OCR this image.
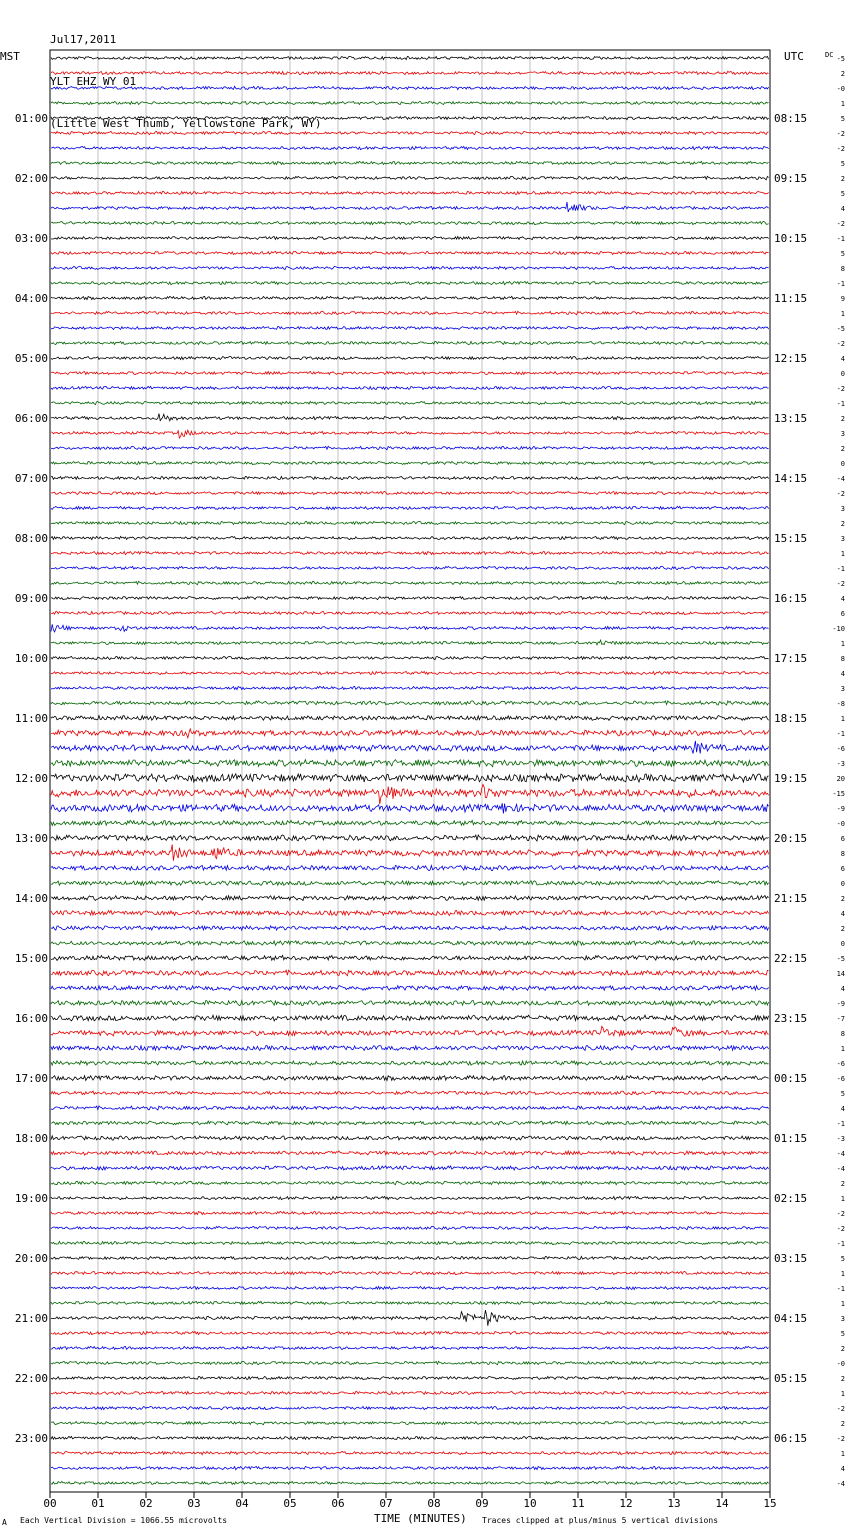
Jul17,2011

YLT EHZ WY 01

(Little West Thumb, Yellowstone Park, WY)

00	01	02	03	04	05	06	07	08	09	10	11	12	13	14	15
MST	UTC	DC -5
2
-0
1
5
01:00	08:15
-2
-2
5
2
02:00	09:15
5
4
-2
-1
03:00	10:15
5
8
-1
9
04:00	11:15
1
-5
-2
4
05:00	12:15
0
-2
-1
2
06:00	13:15
3
2
0
-4
07:00	14:15
-2
3
2
3
08:00	15:15
1
-1
-2
4
09:00	16:15
6
-10
1
8
10:00	17:15
4
3
-8
1
11:00	18:15
-1
-6
-3
20
12:00	19:15
-15
-9
-0
6
13:00	20:15
8
6
0
2
14:00	21:15
4
2
0
-5
15:00	22:15
14
4
-9
-7
16:00	23:15
8
1
-6
-6
17:00	00:15
5
4
-1
-3
18:00	01:15
-4
-4
2
1
19:00	02:15
-2
-2
-1
5
20:00	03:15
1
-1
1
3
21:00	04:15
5
2
-0
2
22:00	05:15
1
-2
2
-2
23:00	06:15
1
4
-4
A Each Vertical Division = 1066.55 microvolts	TIME (MINUTES) Traces clipped at plus/minus 5 vertical divisions
